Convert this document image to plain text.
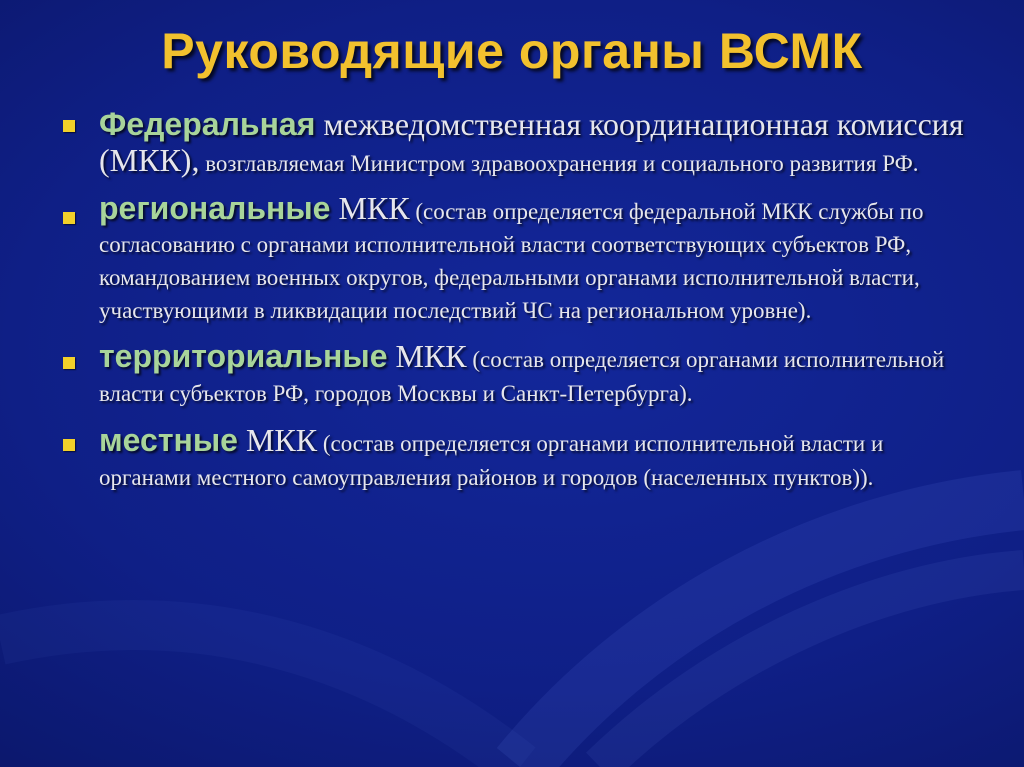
Руководящие органы ВСМК
Федеральная межведомственная координационная комиссия (МКК), возглавляемая Министром здравоохранения и социального развития РФ.
региональные МКК (состав определяется федеральной МКК службы по согласованию с органами исполнительной власти соответствующих субъектов РФ, командованием военных округов, федеральными органами исполнительной власти, участвующими в ликвидации последствий ЧС на региональном уровне).
территориальные МКК (состав определяется органами исполнительной власти субъектов РФ, городов Москвы и Санкт-Петербурга).
местные МКК (состав определяется органами исполнительной власти и органами местного самоуправления районов и городов (населенных пунктов)).
